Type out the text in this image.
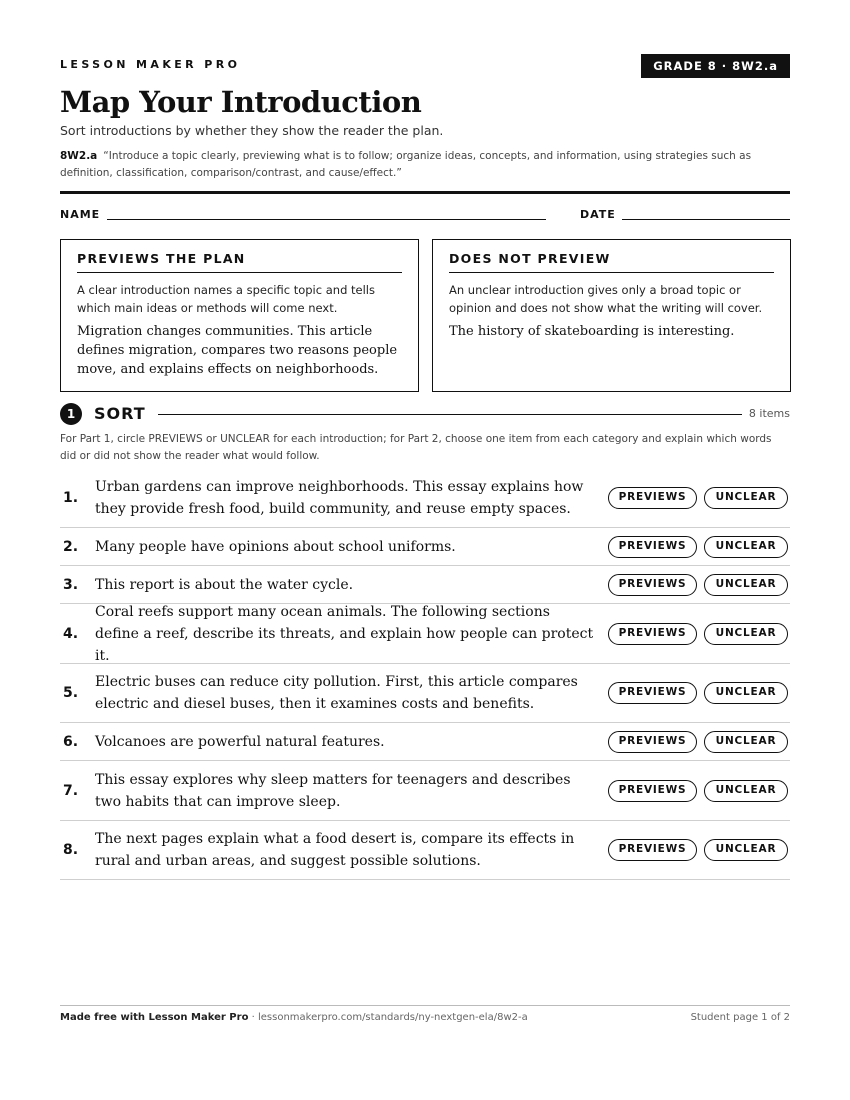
LESSON MAKER PRO	GRADE 8 · 8W2.a
Map Your Introduction
Sort introductions by whether they show the reader the plan.
8W2.a “Introduce a topic clearly, previewing what is to follow; organize ideas, concepts, and information, using strategies such as definition, classification, comparison/contrast, and cause/effect.”
NAME	DATE
PREVIEWS THE PLAN
A clear introduction names a specific topic and tells which main ideas or methods will come next.
Migration changes communities. This article defines migration, compares two reasons people move, and explains effects on neighborhoods.
DOES NOT PREVIEW
An unclear introduction gives only a broad topic or opinion and does not show what the writing will cover.
The history of skateboarding is interesting.
1	SORT	8 items
For Part 1, circle PREVIEWS or UNCLEAR for each introduction; for Part 2, choose one item from each category and explain which words did or did not show the reader what would follow.
1.
Urban gardens can improve neighborhoods. This essay explains how they provide fresh food, build community, and reuse empty spaces.
PREVIEWS	UNCLEAR
2. Many people have opinions about school uniforms.	PREVIEWS	UNCLEAR
3. This report is about the water cycle.	PREVIEWS	UNCLEAR
4.
Coral reefs support many ocean animals. The following sections define a reef, describe its threats, and explain how people can protect it.
PREVIEWS	UNCLEAR
5.
Electric buses can reduce city pollution. First, this article compares electric and diesel buses, then it examines costs and benefits.
PREVIEWS	UNCLEAR
6. Volcanoes are powerful natural features.	PREVIEWS	UNCLEAR
7.
This essay explores why sleep matters for teenagers and describes two habits that can improve sleep.
PREVIEWS	UNCLEAR
8.
The next pages explain what a food desert is, compare its effects in rural and urban areas, and suggest possible solutions.
PREVIEWS	UNCLEAR
Made free with Lesson Maker Pro · lessonmakerpro.com/standards/ny-nextgen-ela/8w2-a	Student page 1 of 2
